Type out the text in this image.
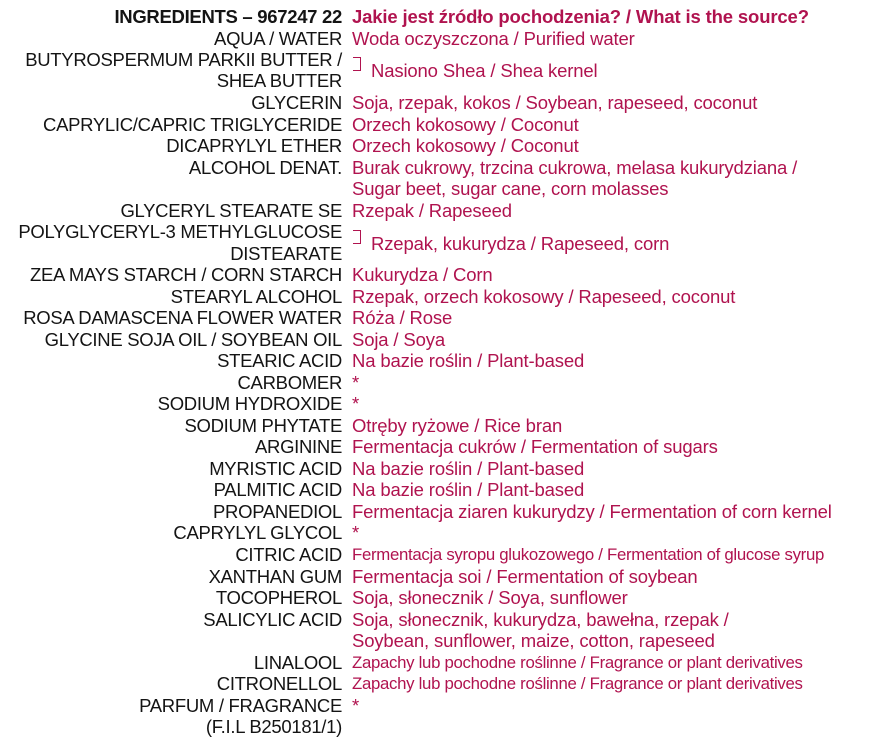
INGREDIENTS – 967247 22 Jakie jest źródło pochodzenia? / What is the source?
AQUA / WATER Woda oczyszczona / Purified water
BUTYROSPERMUM PARKII BUTTER /
SHEA BUTTER Nasiono Shea / Shea kernel
GLYCERIN Soja, rzepak, kokos / Soybean, rapeseed, coconut
CAPRYLIC/CAPRIC TRIGLYCERIDE Orzech kokosowy / Coconut
DICAPRYLYL ETHER Orzech kokosowy / Coconut
ALCOHOL DENAT. Burak cukrowy, trzcina cukrowa, melasa kukurydziana /
Sugar beet, sugar cane, corn molasses
GLYCERYL STEARATE SE Rzepak / Rapeseed
POLYGLYCERYL-3 METHYLGLUCOSE
DISTEARATE Rzepak, kukurydza / Rapeseed, corn
ZEA MAYS STARCH / CORN STARCH Kukurydza / Corn
STEARYL ALCOHOL Rzepak, orzech kokosowy / Rapeseed, coconut
ROSA DAMASCENA FLOWER WATER Róża / Rose
GLYCINE SOJA OIL / SOYBEAN OIL Soja / Soya
STEARIC ACID Na bazie roślin / Plant-based
CARBOMER *
SODIUM HYDROXIDE *
SODIUM PHYTATE Otręby ryżowe / Rice bran
ARGININE Fermentacja cukrów / Fermentation of sugars
MYRISTIC ACID Na bazie roślin / Plant-based
PALMITIC ACID Na bazie roślin / Plant-based
PROPANEDIOL Fermentacja ziaren kukurydzy / Fermentation of corn kernel
CAPRYLYL GLYCOL *
CITRIC ACID Fermentacja syropu glukozowego / Fermentation of glucose syrup
XANTHAN GUM Fermentacja soi / Fermentation of soybean
TOCOPHEROL Soja, słonecznik / Soya, sunflower
SALICYLIC ACID Soja, słonecznik, kukurydza, bawełna, rzepak /
Soybean, sunflower, maize, cotton, rapeseed
LINALOOL Zapachy lub pochodne roślinne / Fragrance or plant derivatives
CITRONELLOL Zapachy lub pochodne roślinne / Fragrance or plant derivatives
PARFUM / FRAGRANCE *
(F.I.L B250181/1)
